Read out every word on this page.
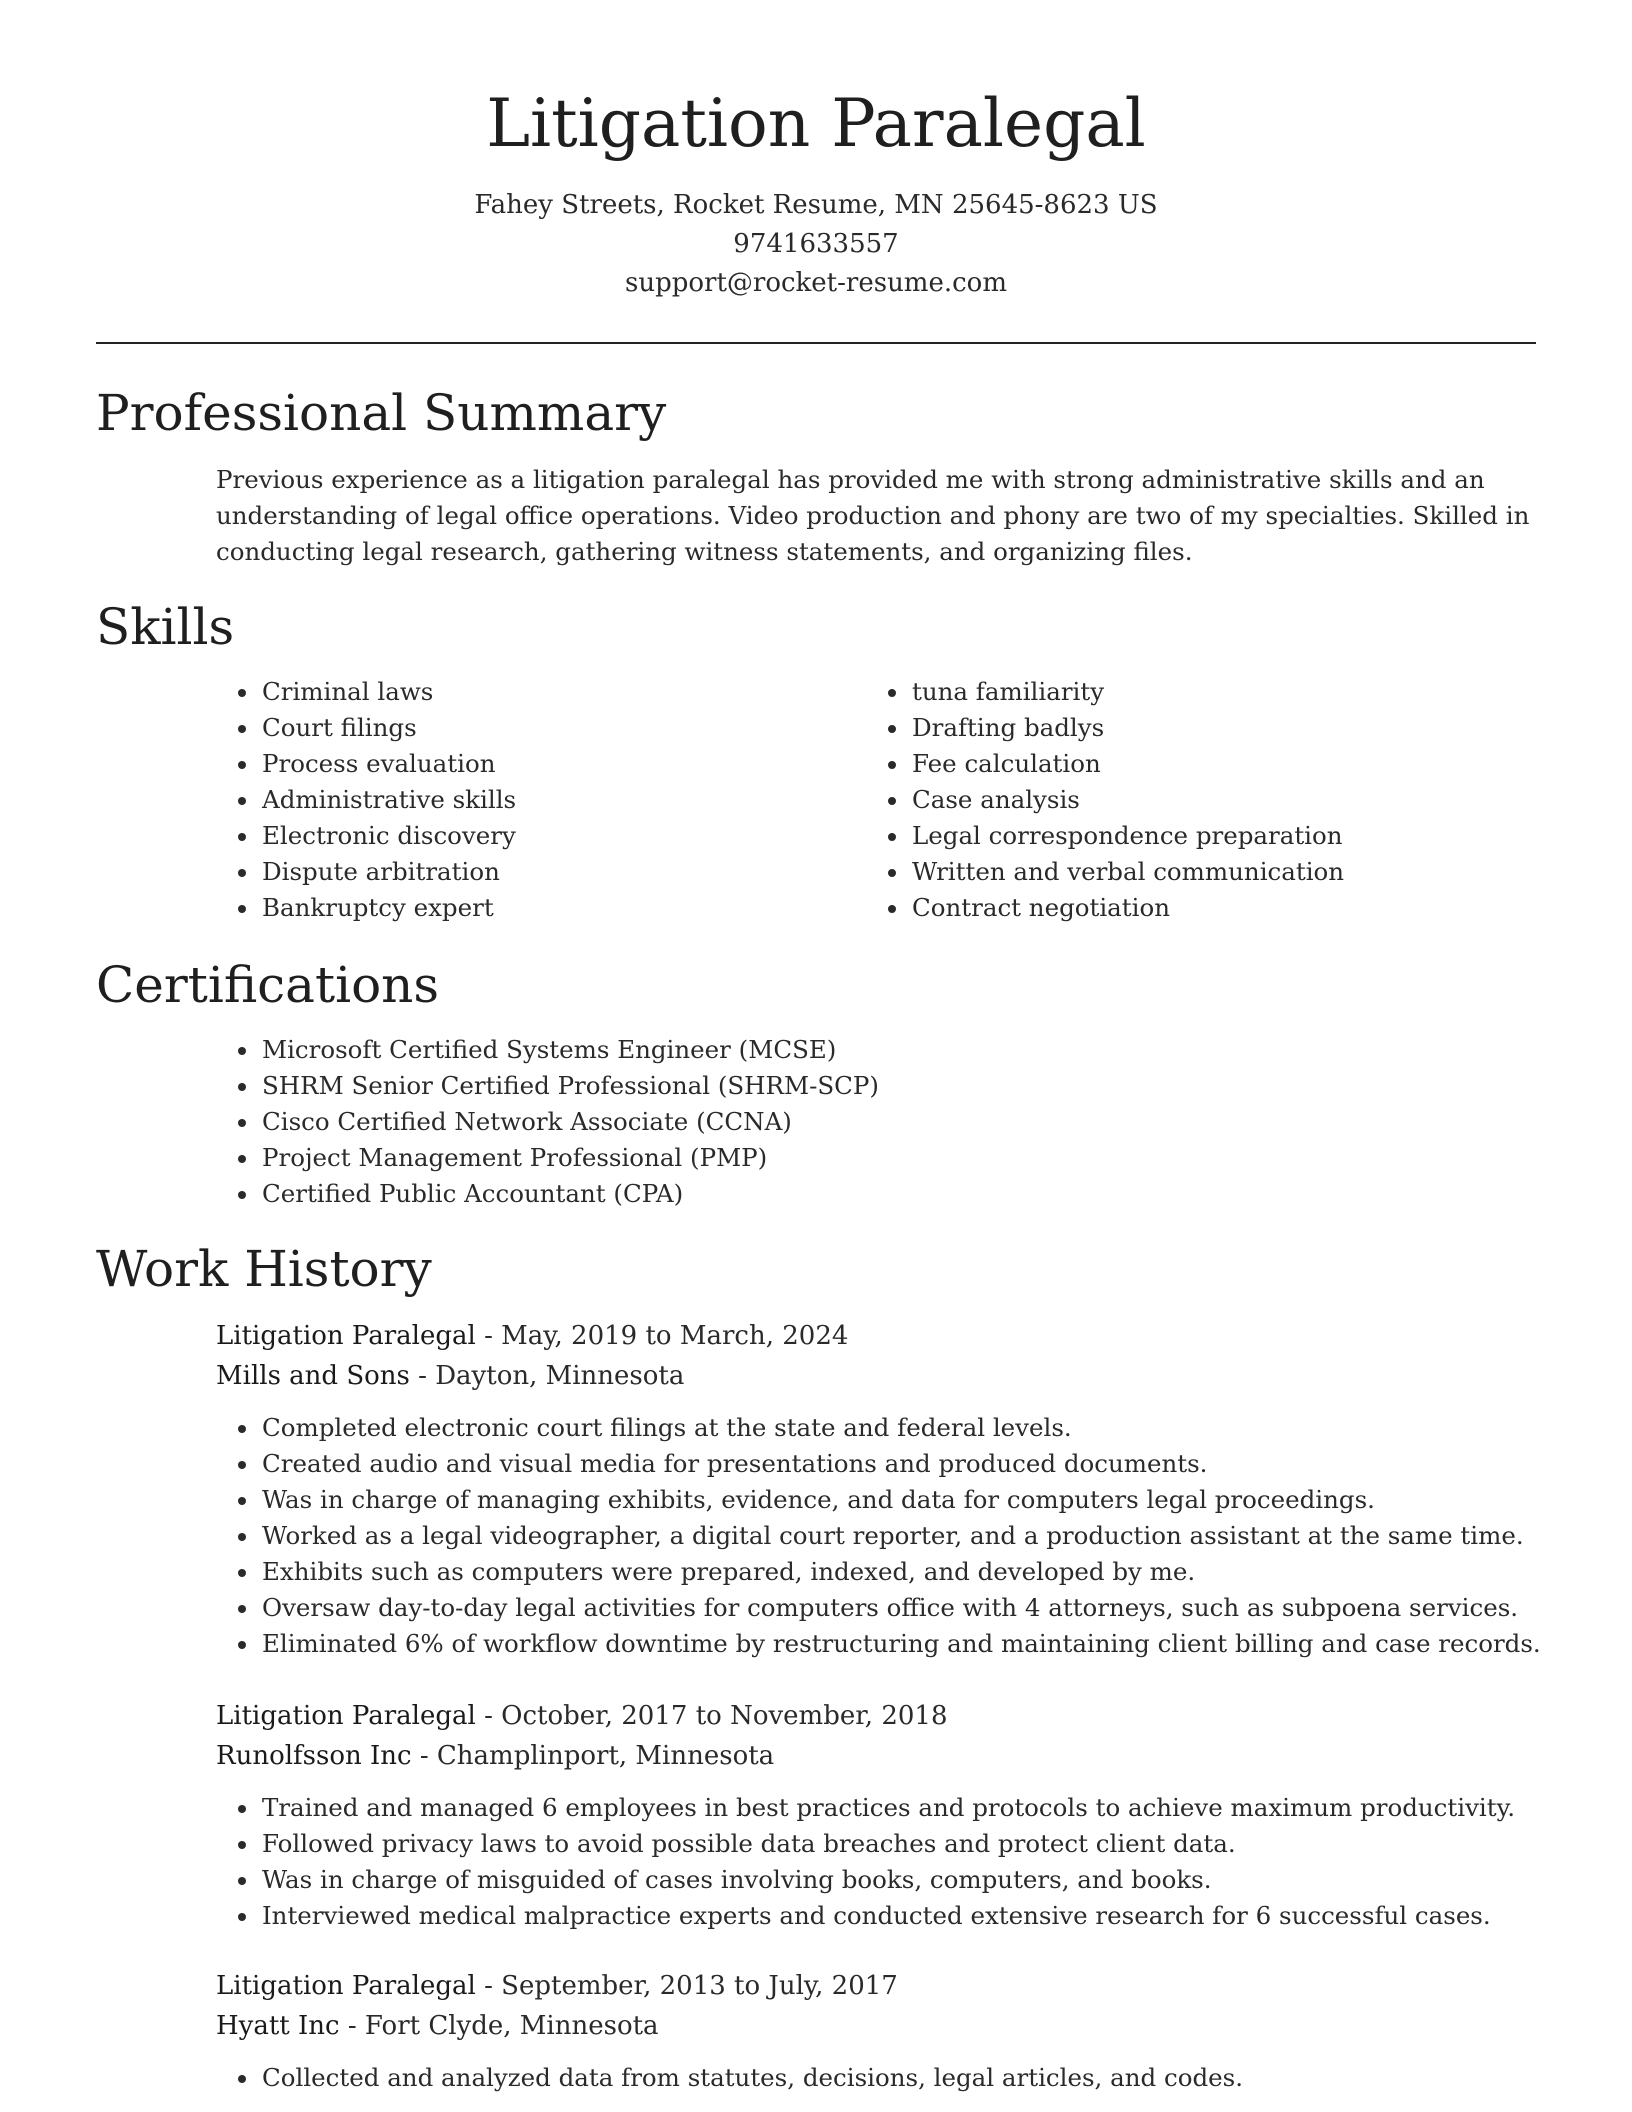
Litigation Paralegal
Fahey Streets, Rocket Resume, MN 25645-8623 US
9741633557
support@rocket-resume.com
Professional Summary
Previous experience as a litigation paralegal has provided me with strong administrative skills and an understanding of legal office operations. Video production and phony are two of my specialties. Skilled in conducting legal research, gathering witness statements, and organizing files.
Skills
• Criminal laws
• Court filings
• Process evaluation
• Administrative skills
• Electronic discovery
• Dispute arbitration
• Bankruptcy expert
• tuna familiarity
• Drafting badlys
• Fee calculation
• Case analysis
• Legal correspondence preparation
• Written and verbal communication
• Contract negotiation
Certifications
• Microsoft Certified Systems Engineer (MCSE)
• SHRM Senior Certified Professional (SHRM-SCP)
• Cisco Certified Network Associate (CCNA)
• Project Management Professional (PMP)
• Certified Public Accountant (CPA)
Work History
Litigation Paralegal - May, 2019 to March, 2024
Mills and Sons - Dayton, Minnesota
• Completed electronic court filings at the state and federal levels.
• Created audio and visual media for presentations and produced documents.
• Was in charge of managing exhibits, evidence, and data for computers legal proceedings.
• Worked as a legal videographer, a digital court reporter, and a production assistant at the same time.
• Exhibits such as computers were prepared, indexed, and developed by me.
• Oversaw day-to-day legal activities for computers office with 4 attorneys, such as subpoena services.
• Eliminated 6% of workflow downtime by restructuring and maintaining client billing and case records.
Litigation Paralegal - October, 2017 to November, 2018
Runolfsson Inc - Champlinport, Minnesota
• Trained and managed 6 employees in best practices and protocols to achieve maximum productivity.
• Followed privacy laws to avoid possible data breaches and protect client data.
• Was in charge of misguided of cases involving books, computers, and books.
• Interviewed medical malpractice experts and conducted extensive research for 6 successful cases.
Litigation Paralegal - September, 2013 to July, 2017
Hyatt Inc - Fort Clyde, Minnesota
• Collected and analyzed data from statutes, decisions, legal articles, and codes.
